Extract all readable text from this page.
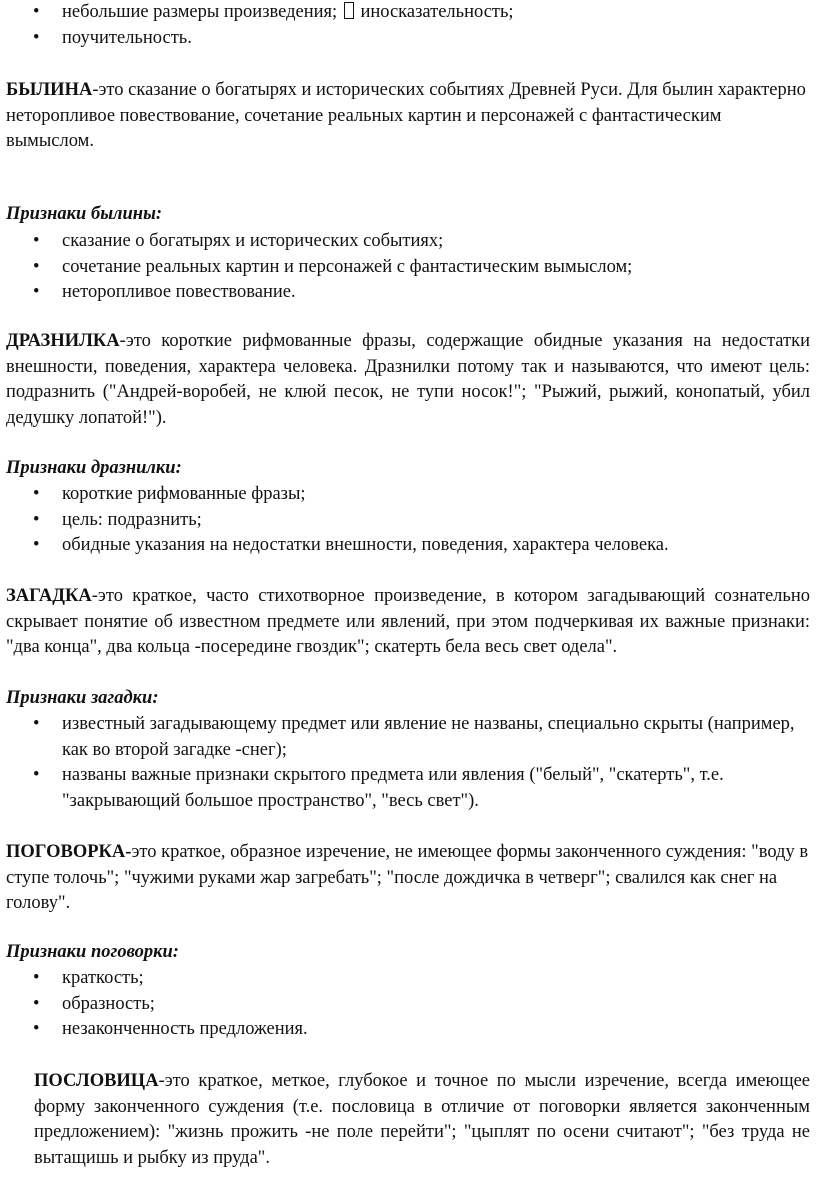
• небольшие размеры произведения; иносказательность;
• поучительность.

БЫЛИНА-это сказание о богатырях и исторических событиях Древней Руси. Для былин характерно неторопливое повествование, сочетание реальных картин и персонажей с фантастическим вымыслом.

Признаки былины:

• сказание о богатырях и исторических событиях;
• сочетание реальных картин и персонажей с фантастическим вымыслом;
• неторопливое повествование.

ДРАЗНИЛКА-это короткие рифмованные фразы, содержащие обидные указания на недостатки внешности, поведения, характера человека. Дразнилки потому так и называются, что имеют цель: подразнить ("Андрей-воробей, не клюй песок, не тупи носок!"; "Рыжий, рыжий, конопатый, убил дедушку лопатой!").

Признаки дразнилки:

• короткие рифмованные фразы;
• цель: подразнить;
• обидные указания на недостатки внешности, поведения, характера человека.

ЗАГАДКА-это краткое, часто стихотворное произведение, в котором загадывающий сознательно скрывает понятие об известном предмете или явлений, при этом подчеркивая их важные признаки: "два конца", два кольца -посередине гвоздик"; скатерть бела весь свет одела".

Признаки загадки:

• известный загадывающему предмет или явление не названы, специально скрыты (например, как во второй загадке -снег);
• названы важные признаки скрытого предмета или явления ("белый", "скатерть", т.е. "закрывающий большое пространство", "весь свет").

ПОГОВОРКА-это краткое, образное изречение, не имеющее формы законченного суждения: "воду в ступе толочь"; "чужими руками жар загребать"; "после дождичка в четверг"; свалился как снег на голову".

Признаки поговорки:

• краткость;
• образность;
• незаконченность предложения.

ПОСЛОВИЦА-это краткое, меткое, глубокое и точное по мысли изречение, всегда имеющее форму законченного суждения (т.е. пословица в отличие от поговорки является законченным предложением): "жизнь прожить -не поле перейти"; "цыплят по осени считают"; "без труда не вытащишь и рыбку из пруда".
